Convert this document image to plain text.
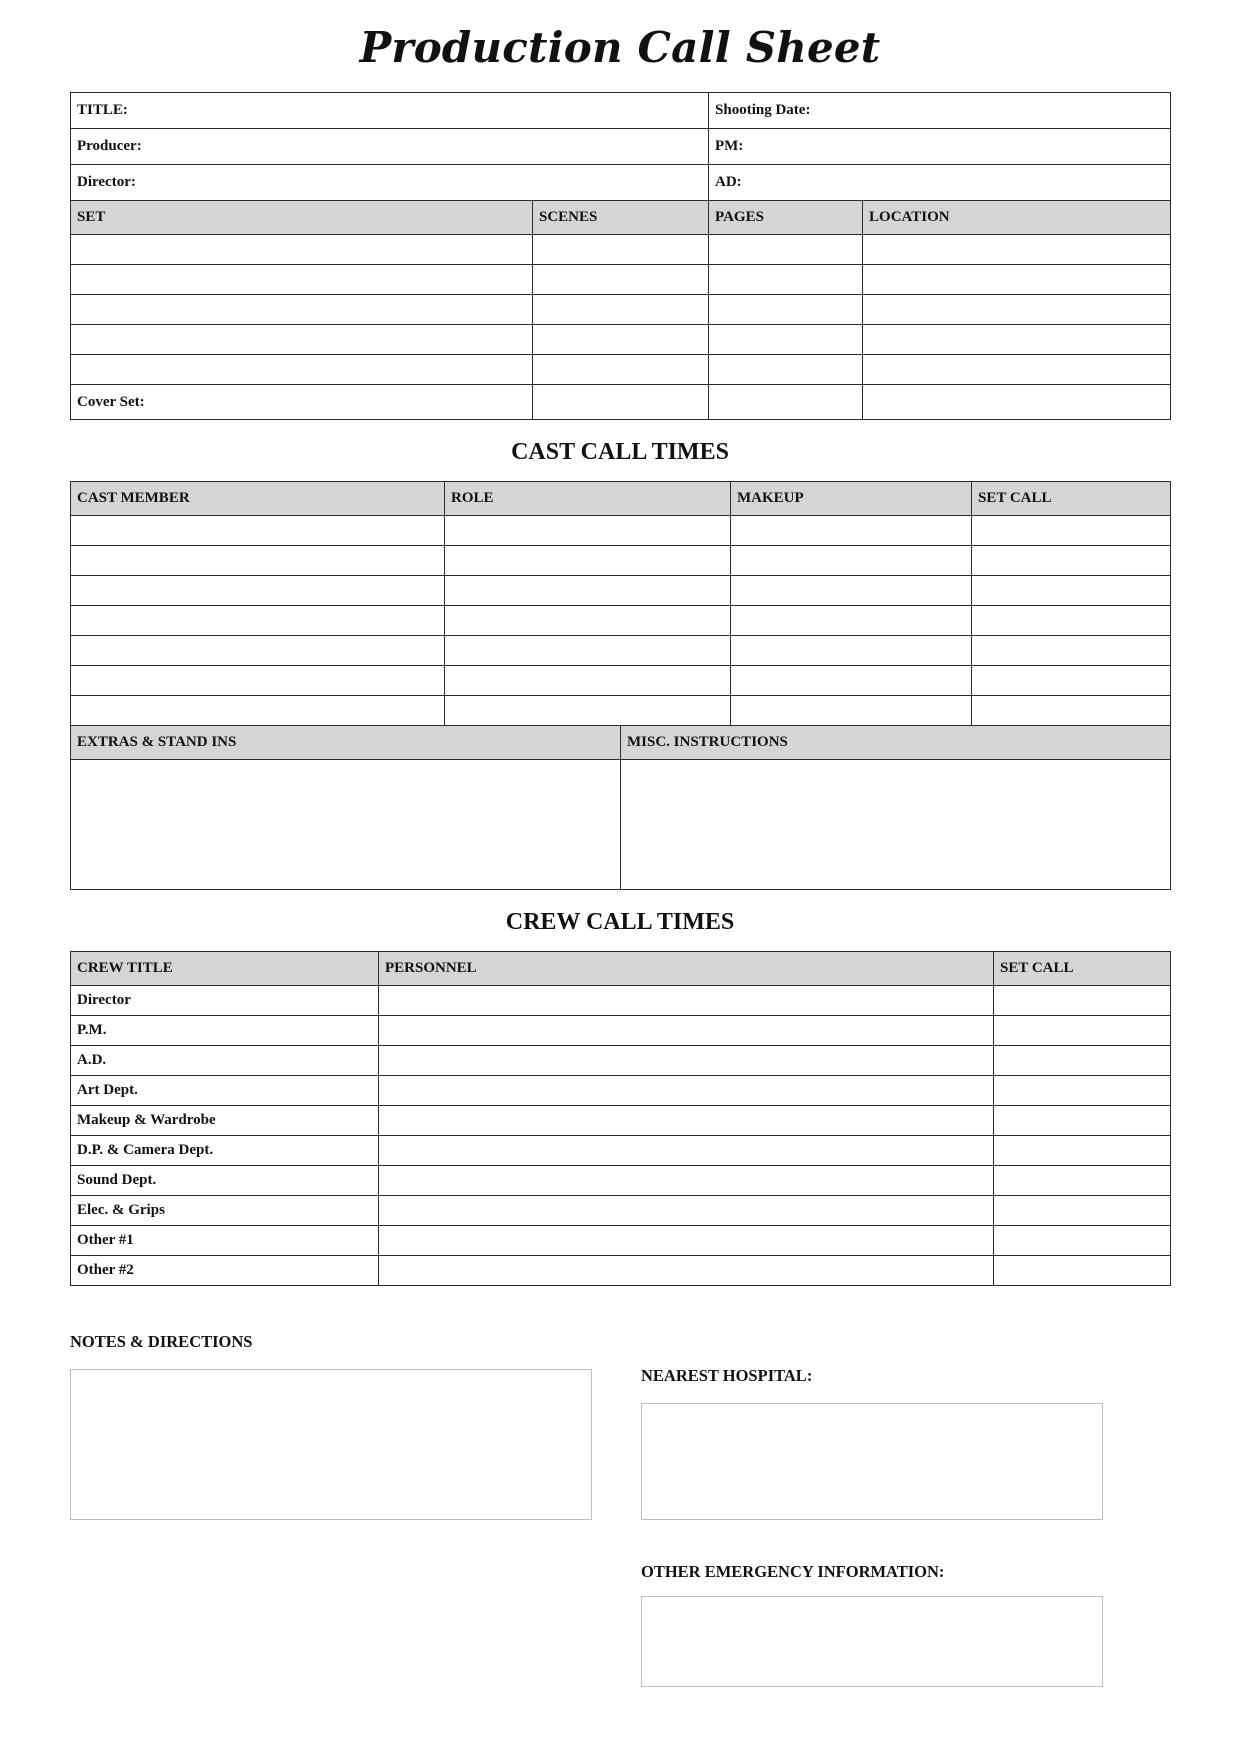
Production Call Sheet
TITLE:		Shooting Date:	
Producer:		PM:	
Director:		AD:	
SET	SCENES	PAGES	LOCATION

Cover Set:			
CAST CALL TIMES
CAST MEMBER	ROLE		MAKEUP	SET CALL

EXTRAS & STAND INS		MISC. INSTRUCTIONS		

CREW CALL TIMES
CREW TITLE	PERSONNEL	SET CALL
Director		
P.M.		
A.D.		
Art Dept.		
Makeup & Wardrobe		
D.P. & Camera Dept.		
Sound Dept.		
Elec. & Grips		
Other #1		
Other #2		
NOTES & DIRECTIONS
NEAREST HOSPITAL:
OTHER EMERGENCY INFORMATION:
